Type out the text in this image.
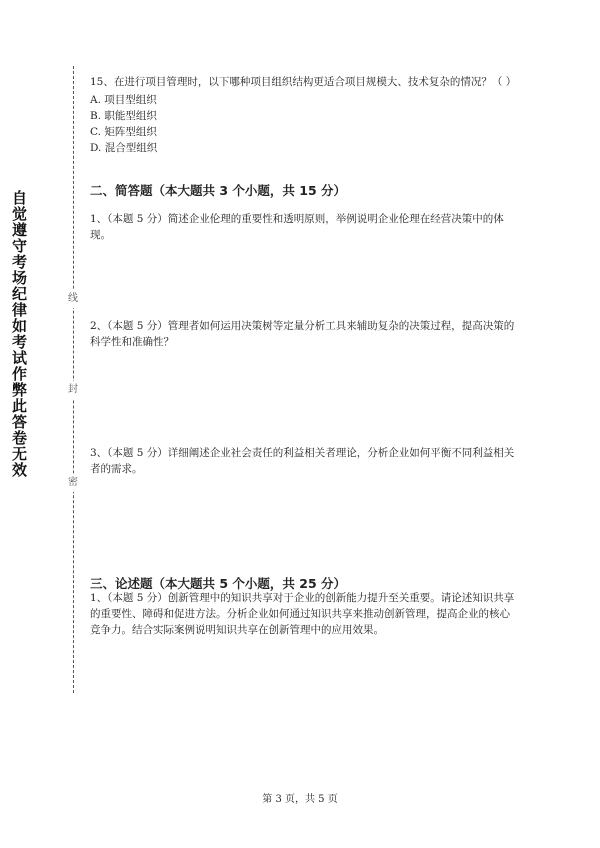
自觉遵守考场纪律如考试作弊此答卷无效	线
封
密

15、在进行项目管理时，以下哪种项目组织结构更适合项目规模大、技术复杂的情况？（ ）

A. 项目型组织

B. 职能型组织

C. 矩阵型组织

D. 混合型组织

二、简答题（本大题共 3 个小题，共 15 分）

1、（本题 5 分）简述企业伦理的重要性和透明原则，举例说明企业伦理在经营决策中的体现。

2、（本题 5 分）管理者如何运用决策树等定量分析工具来辅助复杂的决策过程，提高决策的科学性和准确性？

3、（本题 5 分）详细阐述企业社会责任的利益相关者理论，分析企业如何平衡不同利益相关者的需求。

三、论述题（本大题共 5 个小题，共 25 分）

1、（本题 5 分）创新管理中的知识共享对于企业的创新能力提升至关重要。请论述知识共享的重要性、障碍和促进方法。分析企业如何通过知识共享来推动创新管理，提高企业的核心竞争力。结合实际案例说明知识共享在创新管理中的应用效果。

第 3 页，共 5 页
